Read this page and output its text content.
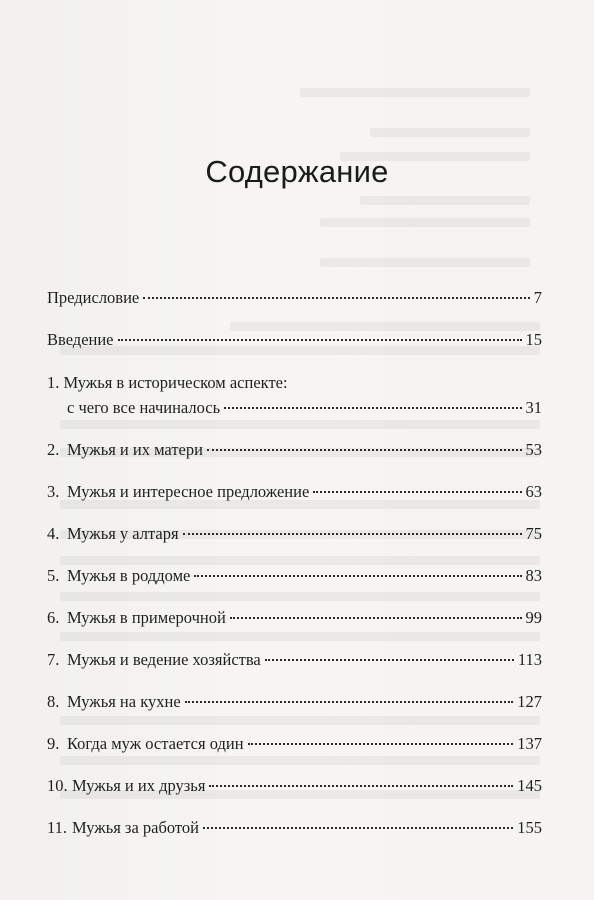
Содержание
Предисловие	7
Введение	15
1. Мужья в историческом аспекте:
с чего все начиналось	31
2. Мужья и их матери	53
3. Мужья и интересное предложение	63
4. Мужья у алтаря	75
5. Мужья в роддоме	83
6. Мужья в примерочной	99
7. Мужья и ведение хозяйства	113
8. Мужья на кухне	127
9. Когда муж остается один	137
10. Мужья и их друзья	145
11. Мужья за работой	155
